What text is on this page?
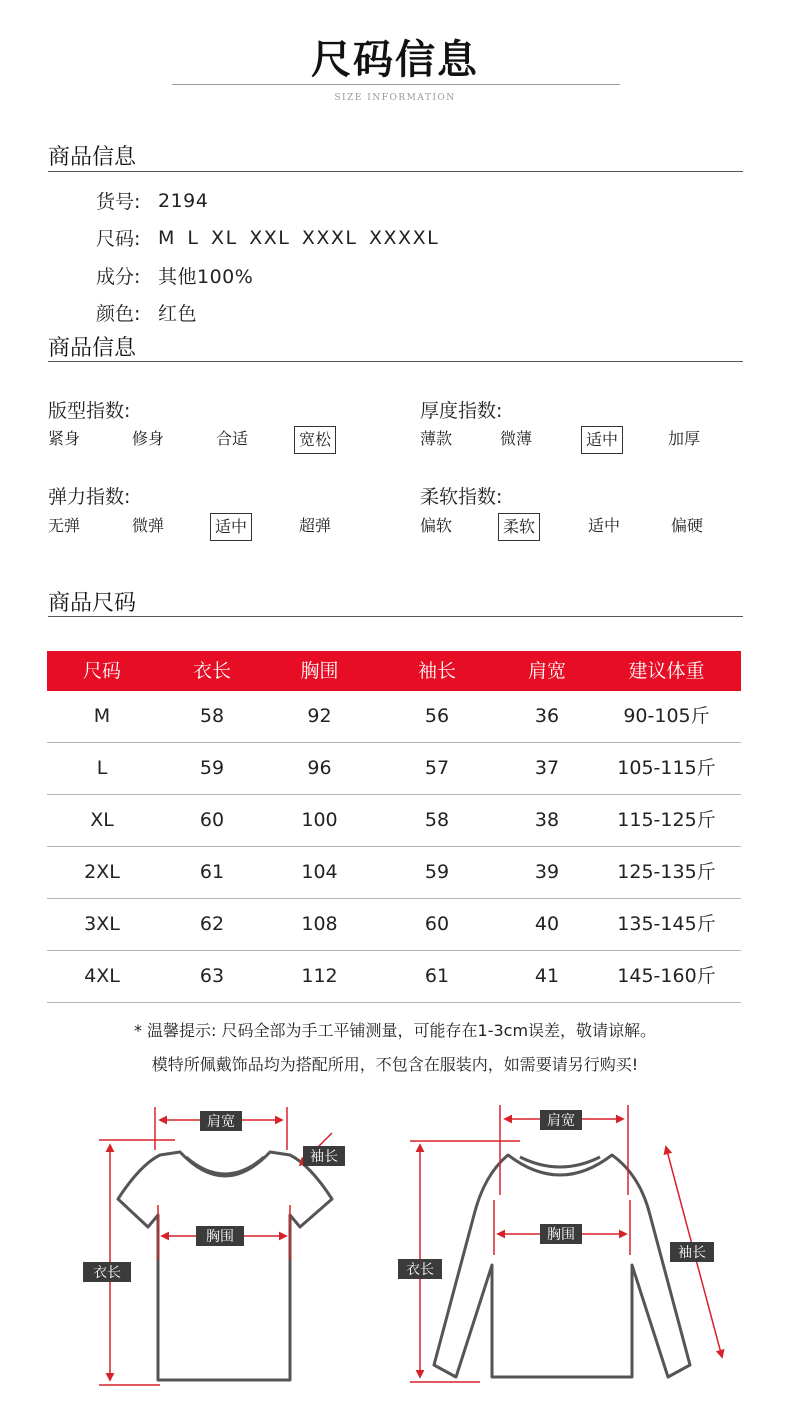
尺码信息
SIZE INFORMATION
商品信息
货号: 2194
尺码: M L XL XXL XXXL XXXXL
成分: 其他100%
颜色: 红色
商品信息
版型指数:
紧身	修身	合适	宽松
厚度指数:
薄款	微薄	适中	加厚
弹力指数:
无弹	微弹	适中	超弹
柔软指数:
偏软	柔软	适中	偏硬
商品尺码
尺码	衣长	胸围	袖长	肩宽	建议体重
M	58	92	56	36	90-105斤
L	59	96	57	37	105-115斤
XL	60	100	58	38	115-125斤
2XL	61	104	59	39	125-135斤
3XL	62	108	60	40	135-145斤
4XL	63	112	61	41	145-160斤
* 温馨提示: 尺码全部为手工平铺测量，可能存在1-3cm误差，敬请谅解。
模特所佩戴饰品均为搭配所用，不包含在服装内，如需要请另行购买!
肩宽
袖长
胸围
衣长
肩宽
胸围
衣长
袖长
